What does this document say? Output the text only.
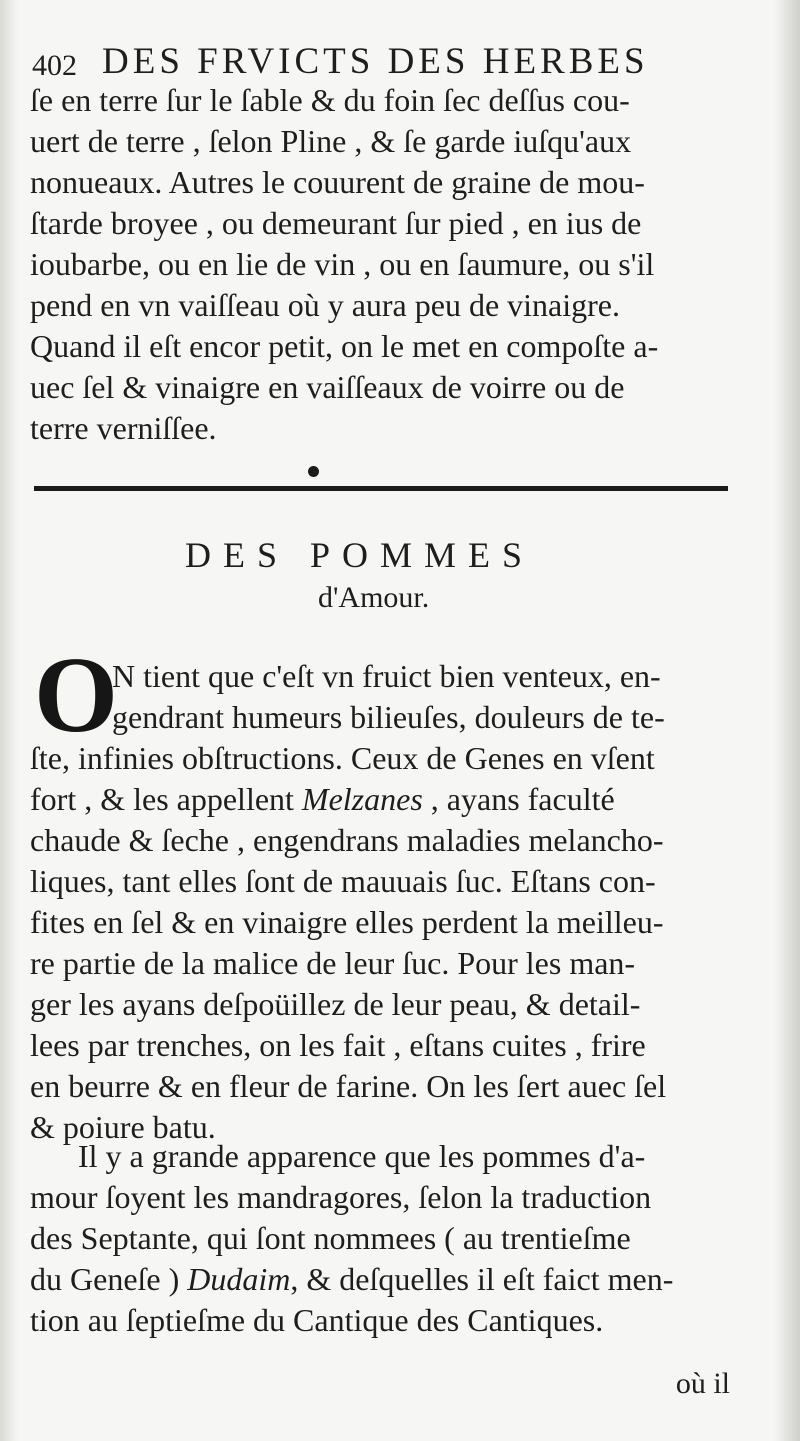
402 DES FRVICTS DES HERBES
ſe en terre ſur le ſable & du foin ſec deſſus cou-
uert de terre , ſelon Pline , & ſe garde iuſqu'aux
nonueaux. Autres le couurent de graine de mou-
ſtarde broyee , ou demeurant ſur pied , en ius de
ioubarbe, ou en lie de vin , ou en ſaumure, ou s'il
pend en vn vaiſſeau où y aura peu de vinaigre.
Quand il eſt encor petit, on le met en compoſte a-
uec ſel & vinaigre en vaiſſeaux de voirre ou de
terre verniſſee.
DES POMMES
d'Amour.
O
N tient que c'eſt vn fruict bien venteux, en-
gendrant humeurs bilieuſes, douleurs de te-
ſte, infinies obſtructions. Ceux de Genes en vſent
fort , & les appellent Melzanes , ayans faculté
chaude & ſeche , engendrans maladies melancho-
liques, tant elles ſont de mauuais ſuc. Eſtans con-
fites en ſel & en vinaigre elles perdent la meilleu-
re partie de la malice de leur ſuc. Pour les man-
ger les ayans deſpoüillez de leur peau, & detail-
lees par trenches, on les fait , eſtans cuites , frire
en beurre & en fleur de farine. On les ſert auec ſel
& poiure batu.
Il y a grande apparence que les pommes d'a-
mour ſoyent les mandragores, ſelon la traduction
des Septante, qui ſont nommees ( au trentieſme
du Geneſe ) Dudaim, & deſquelles il eſt faict men-
tion au ſeptieſme du Cantique des Cantiques.
où il
